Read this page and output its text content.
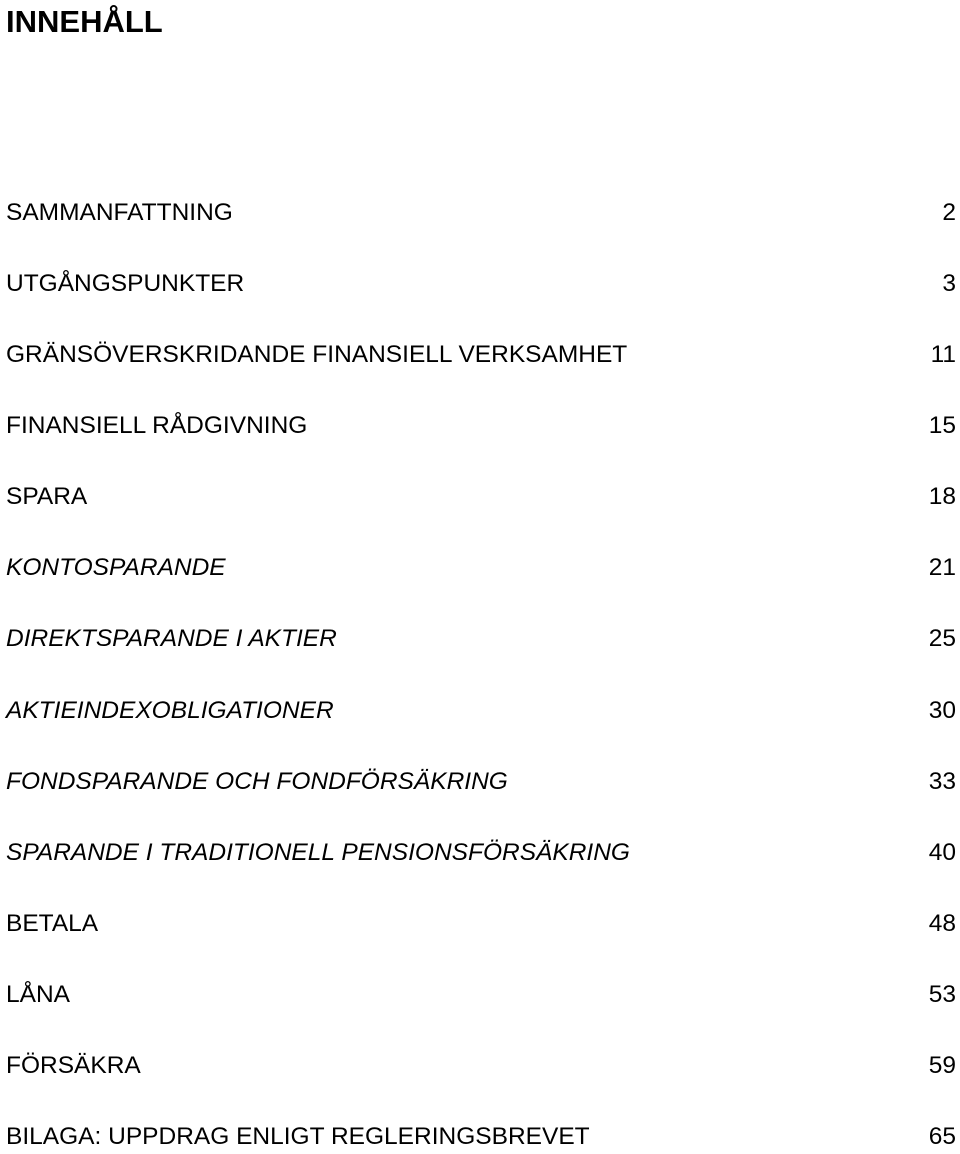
INNEHÅLL
SAMMANFATTNING	2
UTGÅNGSPUNKTER	3
GRÄNSÖVERSKRIDANDE FINANSIELL VERKSAMHET	11
FINANSIELL RÅDGIVNING	15
SPARA	18
KONTOSPARANDE	21
DIREKTSPARANDE I AKTIER	25
AKTIEINDEXOBLIGATIONER	30
FONDSPARANDE OCH FONDFÖRSÄKRING	33
SPARANDE I TRADITIONELL PENSIONSFÖRSÄKRING	40
BETALA	48
LÅNA	53
FÖRSÄKRA	59
BILAGA: UPPDRAG ENLIGT REGLERINGSBREVET	65
